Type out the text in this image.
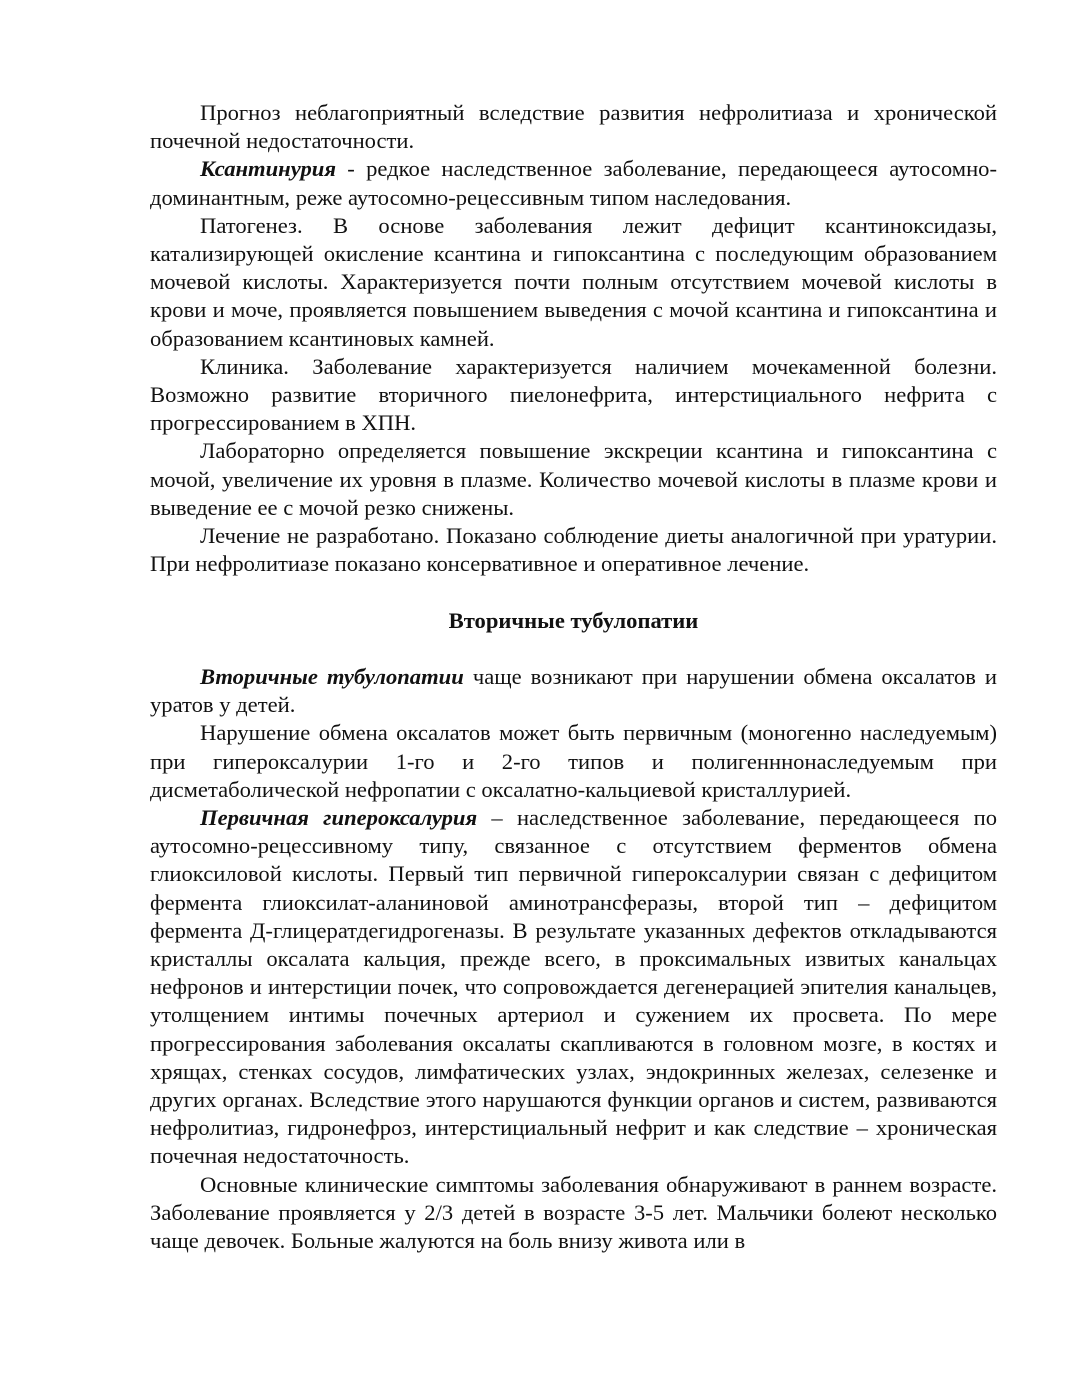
Прогноз неблагоприятный вследствие развития нефролитиаза и хронической почечной недостаточности.

Ксантинурия - редкое наследственное заболевание, передающееся аутосомно-доминантным, реже аутосомно-рецессивным типом наследования.

Патогенез. В основе заболевания лежит дефицит ксантиноксидазы, катализирующей окисление ксантина и гипоксантина с последующим образованием мочевой кислоты. Характеризуется почти полным отсутствием мочевой кислоты в крови и моче, проявляется повышением выведения с мочой ксантина и гипоксантина и образованием ксантиновых камней.

Клиника. Заболевание характеризуется наличием мочекаменной болезни. Возможно развитие вторичного пиелонефрита, интерстициального нефрита с прогрессированием в ХПН.

Лабораторно определяется повышение экскреции ксантина и гипоксантина с мочой, увеличение их уровня в плазме. Количество мочевой кислоты в плазме крови и выведение ее с мочой резко снижены.

Лечение не разработано. Показано соблюдение диеты аналогичной при уратурии. При нефролитиазе показано консервативное и оперативное лечение.

Вторичные тубулопатии

Вторичные тубулопатии чаще возникают при нарушении обмена оксалатов и уратов у детей.

Нарушение обмена оксалатов может быть первичным (моногенно наследуемым) при гипероксалурии 1-го и 2-го типов и полигенннонаследуемым при дисметаболической нефропатии с оксалатно-кальциевой кристаллурией.

Первичная гипероксалурия – наследственное заболевание, передающееся по аутосомно-рецессивному типу, связанное с отсутствием ферментов обмена глиоксиловой кислоты. Первый тип первичной гипероксалурии связан с дефицитом фермента глиоксилат-аланиновой аминотрансферазы, второй тип – дефицитом фермента Д-глицератдегидрогеназы. В результате указанных дефектов откладываются кристаллы оксалата кальция, прежде всего, в проксимальных извитых канальцах нефронов и интерстиции почек, что сопровождается дегенерацией эпителия канальцев, утолщением интимы почечных артериол и сужением их просвета. По мере прогрессирования заболевания оксалаты скапливаются в головном мозге, в костях и хрящах, стенках сосудов, лимфатических узлах, эндокринных железах, селезенке и других органах. Вследствие этого нарушаются функции органов и систем, развиваются нефролитиаз, гидронефроз, интерстициальный нефрит и как следствие – хроническая почечная недостаточность.

Основные клинические симптомы заболевания обнаруживают в раннем возрасте. Заболевание проявляется у 2/3 детей в возрасте 3-5 лет. Мальчики болеют несколько чаще девочек. Больные жалуются на боль внизу живота или в
